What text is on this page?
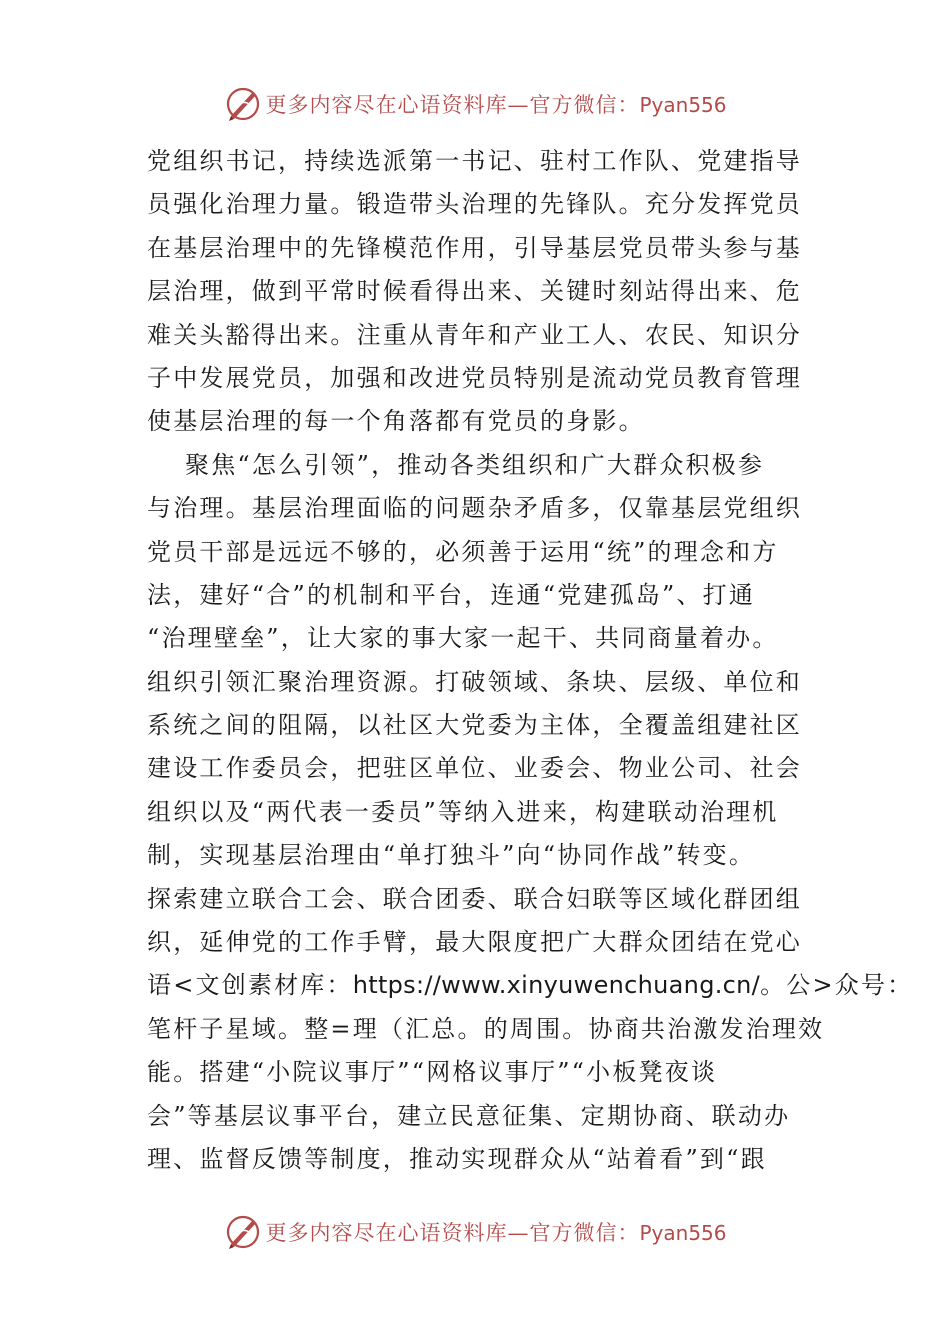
更多内容尽在心语资料库—官方微信：Pyan556
党组织书记，持续选派第一书记、驻村工作队、党建指导
员强化治理力量。锻造带头治理的先锋队。充分发挥党员
在基层治理中的先锋模范作用，引导基层党员带头参与基
层治理，做到平常时候看得出来、关键时刻站得出来、危
难关头豁得出来。注重从青年和产业工人、农民、知识分
子中发展党员，加强和改进党员特别是流动党员教育管理
使基层治理的每一个角落都有党员的身影。
聚焦“怎么引领”，推动各类组织和广大群众积极参
与治理。基层治理面临的问题杂矛盾多，仅靠基层党组织
党员干部是远远不够的，必须善于运用“统”的理念和方
法，建好“合”的机制和平台，连通“党建孤岛”、打通
“治理壁垒”，让大家的事大家一起干、共同商量着办。
组织引领汇聚治理资源。打破领域、条块、层级、单位和
系统之间的阻隔，以社区大党委为主体，全覆盖组建社区
建设工作委员会，把驻区单位、业委会、物业公司、社会
组织以及“两代表一委员”等纳入进来，构建联动治理机
制，实现基层治理由“单打独斗”向“协同作战”转变。
探索建立联合工会、联合团委、联合妇联等区域化群团组
织，延伸党的工作手臂，最大限度把广大群众团结在党心
语<文创素材库：https://www.xinyuwenchuang.cn/。公>众号：
笔杆子星域。整=理（汇总。的周围。协商共治激发治理效
能。搭建“小院议事厅”“网格议事厅”“小板凳夜谈
会”等基层议事平台，建立民意征集、定期协商、联动办
理、监督反馈等制度，推动实现群众从“站着看”到“跟
更多内容尽在心语资料库—官方微信：Pyan556
